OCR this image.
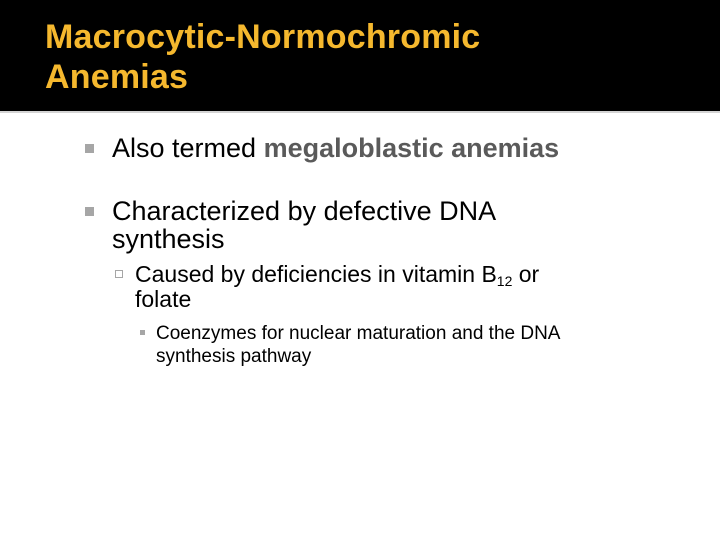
Macrocytic-Normochromic
Anemias
Also termed megaloblastic anemias
Characterized by defective DNA
synthesis
Caused by deficiencies in vitamin $B_{12}$ or
folate
Coenzymes for nuclear maturation and the DNA
synthesis pathway
